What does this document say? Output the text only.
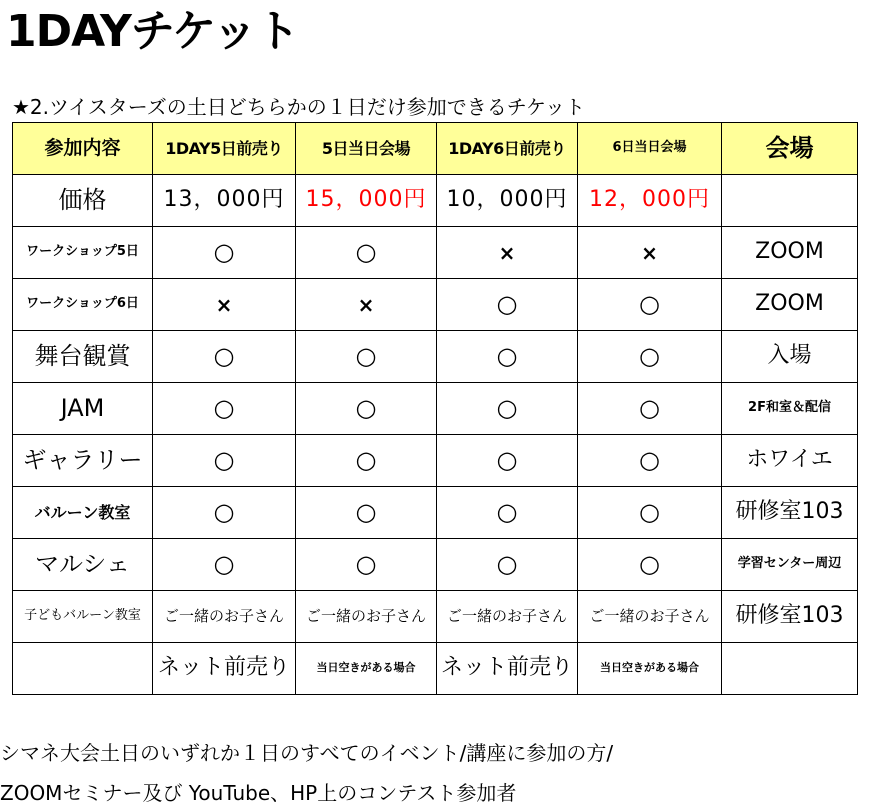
1DAYチケット
★2.ツイスターズの土日どちらかの１日だけ参加できるチケット
参加内容	1DAY5日前売り	5日当日会場	1DAY6日前売り	6日当日会場	会場
価格	13，000円	15，000円	10，000円	12，000円	
ワークショップ5日	○	○	×	×	ZOOM
ワークショップ6日	×	×	○	○	ZOOM
舞台観賞	○	○	○	○	入場
JAM	○	○	○	○	2F和室＆配信
ギャラリー	○	○	○	○	ホワイエ
バルーン教室	○	○	○	○	研修室103
マルシェ	○	○	○	○	学習センター周辺
子どもバルーン教室	ご一緒のお子さん	ご一緒のお子さん	ご一緒のお子さん	ご一緒のお子さん	研修室103
	ネット前売り	当日空きがある場合	ネット前売り	当日空きがある場合	
シマネ大会土日のいずれか１日のすべてのイベント/講座に参加の方/
ZOOMセミナー及び YouTube、HP上のコンテスト参加者
